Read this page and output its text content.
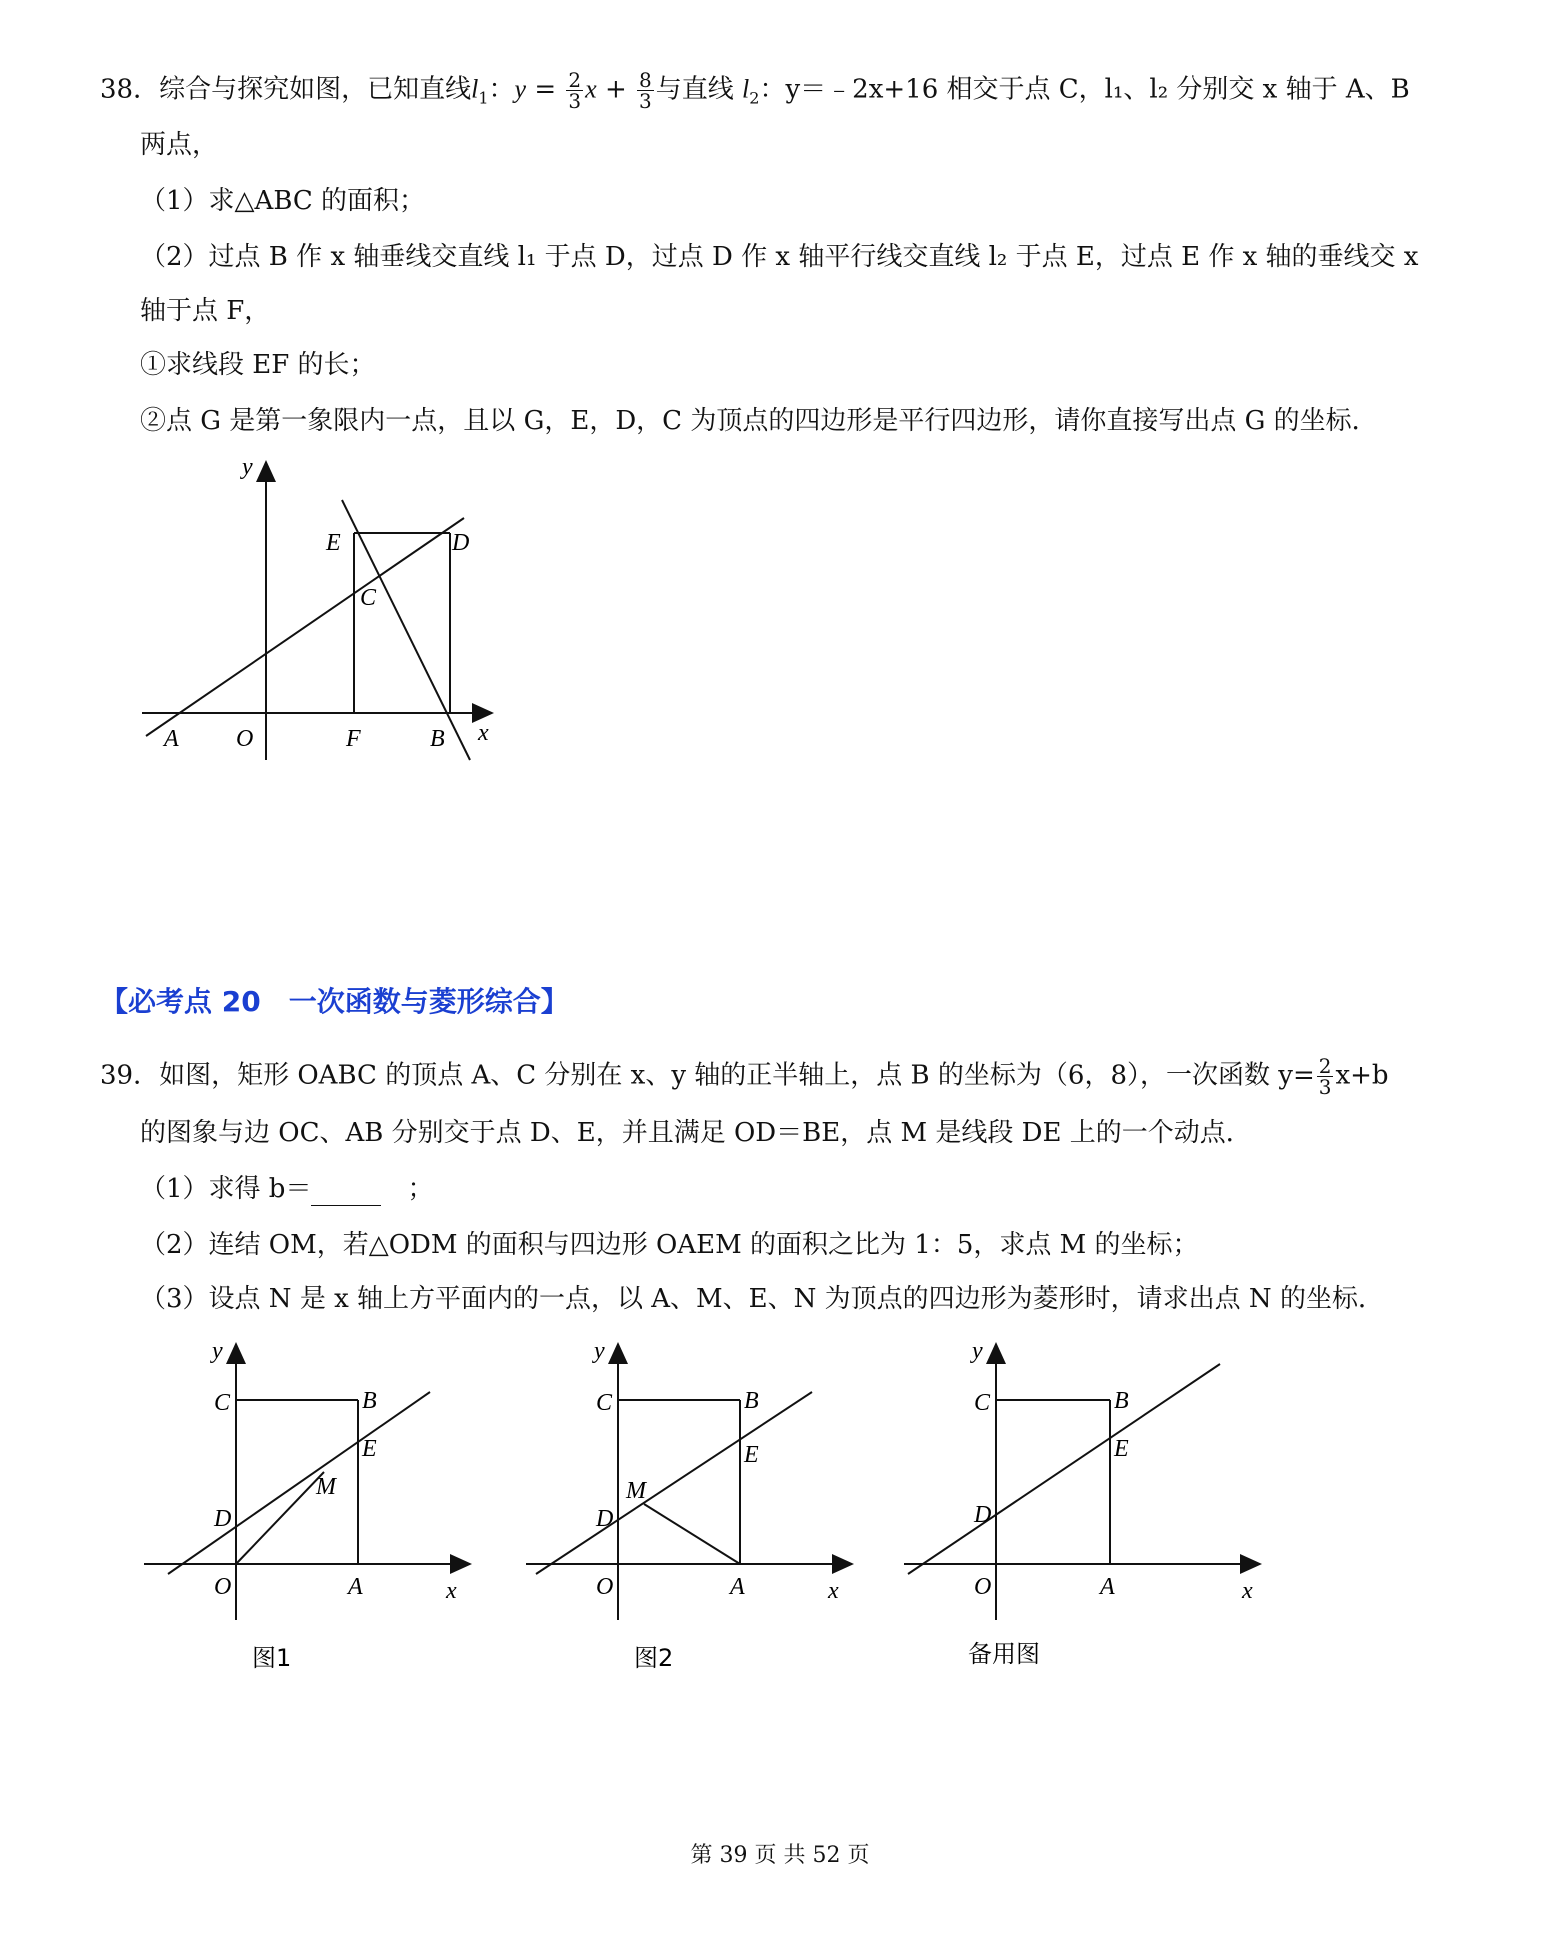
38．综合与探究如图，已知直线$l_1$：$y = \frac{2}{3}$ $x + \frac{8}{3}$ 与直线 $l_2$：y＝﹣2x+16 相交于点 C，l₁、l₂ 分别交 x 轴于 A、B
两点，
（1）求△ABC 的面积；
（2）过点 B 作 x 轴垂线交直线 l₁ 于点 D，过点 D 作 x 轴平行线交直线 l₂ 于点 E，过点 E 作 x 轴的垂线交 x
轴于点 F，
①求线段 EF 的长；
②点 G 是第一象限内一点，且以 G，E，D，C 为顶点的四边形是平行四边形，请你直接写出点 G 的坐标．
y
x
E	D
C
A O	F	B
【必考点 20　一次函数与菱形综合】
39．如图，矩形 OABC 的顶点 A、C 分别在 x、y 轴的正半轴上，点 B 的坐标为（6，8），一次函数 $y= \frac{2}{3} x+b$
的图象与边 OC、AB 分别交于点 D、E，并且满足 OD＝BE，点 M 是线段 DE 上的一个动点．
（1）求得 b＝	　；
（2）连结 OM，若△ODM 的面积与四边形 OAEM 的面积之比为 1：5，求点 M 的坐标；
（3）设点 N 是 x 轴上方平面内的一点，以 A、M、E、N 为顶点的四边形为菱形时，请求出点 N 的坐标．
y
C	B
E
M
D
O	A	x
图1
y
C	B
E
M
D
O	A	x
图2
y
C	B
E
D
O	A	x
备用图
第 39 页 共 52 页
